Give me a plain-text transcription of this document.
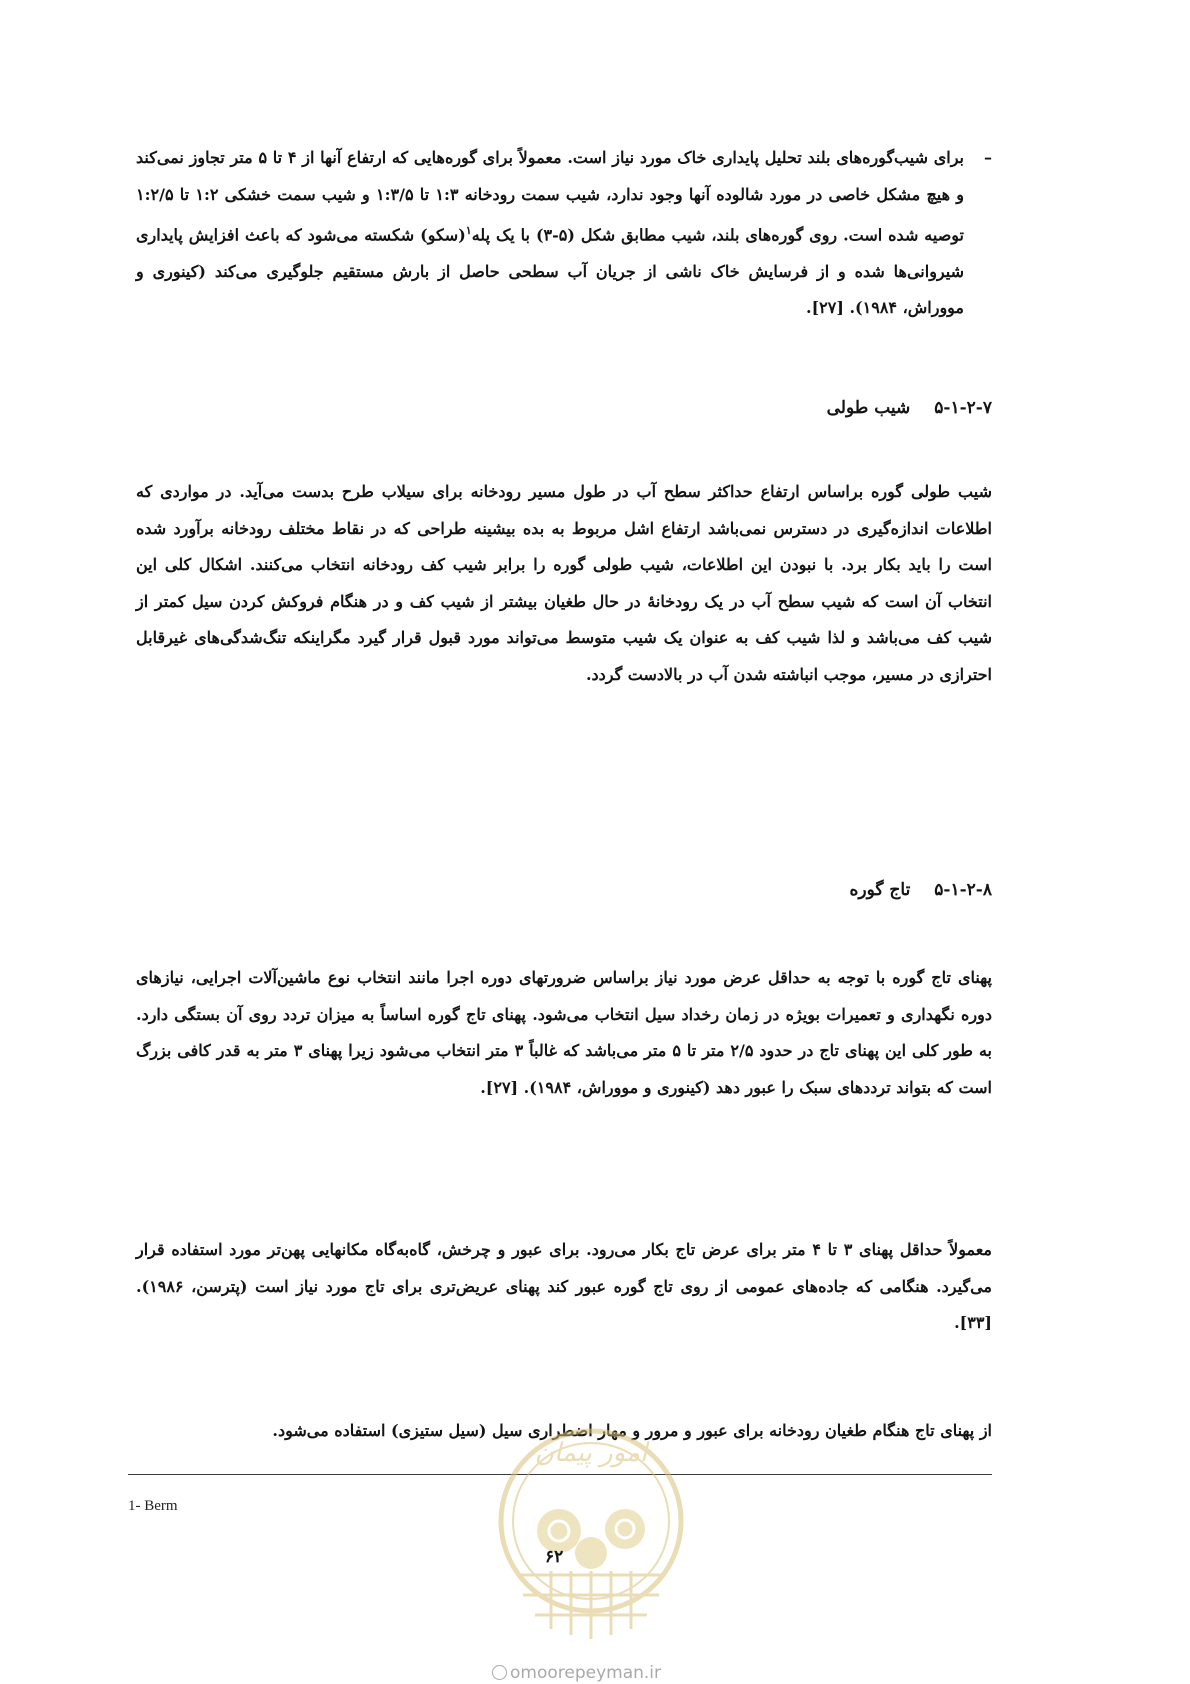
–
برای شیب‌گوره‌های بلند تحلیل پایداری خاک مورد نیاز است. معمولاً برای گوره‌هایی که ارتفاع آنها از ۴ تا ۵ متر تجاوز نمی‌کند و هیچ مشکل خاصی در مورد شالوده آنها وجود ندارد، شیب سمت رودخانه ۱:۳ تا ۱:۳/۵ و شیب سمت خشکی ۱:۲ تا ۱:۲/۵ توصیه شده است. روی گوره‌های بلند، شیب مطابق شکل (۵-۳) با یک پله$^۱$(سکو) شکسته می‌شود که باعث افزایش پایداری شیروانی‌ها شده و از فرسایش خاک ناشی از جریان آب سطحی حاصل از بارش مستقیم جلوگیری می‌کند (کینوری و مووراش، ۱۹۸۴). [۲۷].
۵-۱-۲-۷شیب طولی
شیب طولی گوره براساس ارتفاع حداکثر سطح آب در طول مسیر رودخانه برای سیلاب طرح بدست می‌آید. در مواردی که اطلاعات اندازه‌گیری در دسترس نمی‌باشد ارتفاع اشل مربوط به بده بیشینه طراحی که در نقاط مختلف رودخانه برآورد شده است را باید بکار برد. با نبودن این اطلاعات، شیب طولی گوره را برابر شیب کف رودخانه انتخاب می‌کنند. اشکال کلی این انتخاب آن است که شیب سطح آب در یک رودخانهٔ در حال طغیان بیشتر از شیب کف و در هنگام فروکش کردن سیل کمتر از شیب کف می‌باشد و لذا شیب کف به عنوان یک شیب متوسط می‌تواند مورد قبول قرار گیرد مگراینکه تنگ‌شدگی‌های غیرقابل احترازی در مسیر، موجب انباشته شدن آب در بالادست گردد.
۵-۱-۲-۸تاج گوره
پهنای تاج گوره با توجه به حداقل عرض مورد نیاز براساس ضرورتهای دوره اجرا مانند انتخاب نوع ماشین‌آلات اجرایی، نیازهای دوره نگهداری و تعمیرات بویژه در زمان رخداد سیل انتخاب می‌شود. پهنای تاج گوره اساساً به میزان تردد روی آن بستگی دارد. به طور کلی این پهنای تاج در حدود ۲/۵ متر تا ۵ متر می‌باشد که غالباً ۳ متر انتخاب می‌شود زیرا پهنای ۳ متر به قدر کافی بزرگ است که بتواند ترددهای سبک را عبور دهد (کینوری و مووراش، ۱۹۸۴). [۲۷].
معمولاً حداقل پهنای ۳ تا ۴ متر برای عرض تاج بکار می‌رود. برای عبور و چرخش، گاه‌به‌گاه مکانهایی پهن‌تر مورد استفاده قرار می‌گیرد. هنگامی که جاده‌های عمومی از روی تاج گوره عبور کند پهنای عریض‌تری برای تاج مورد نیاز است (پترسن، ۱۹۸۶). [۳۳].
از پهنای تاج هنگام طغیان رودخانه برای عبور و مرور و مهار اضطراری سیل (سیل ستیزی) استفاده می‌شود.
1- Berm
امور پیمان
۶۲
omoorepeyman.ir
